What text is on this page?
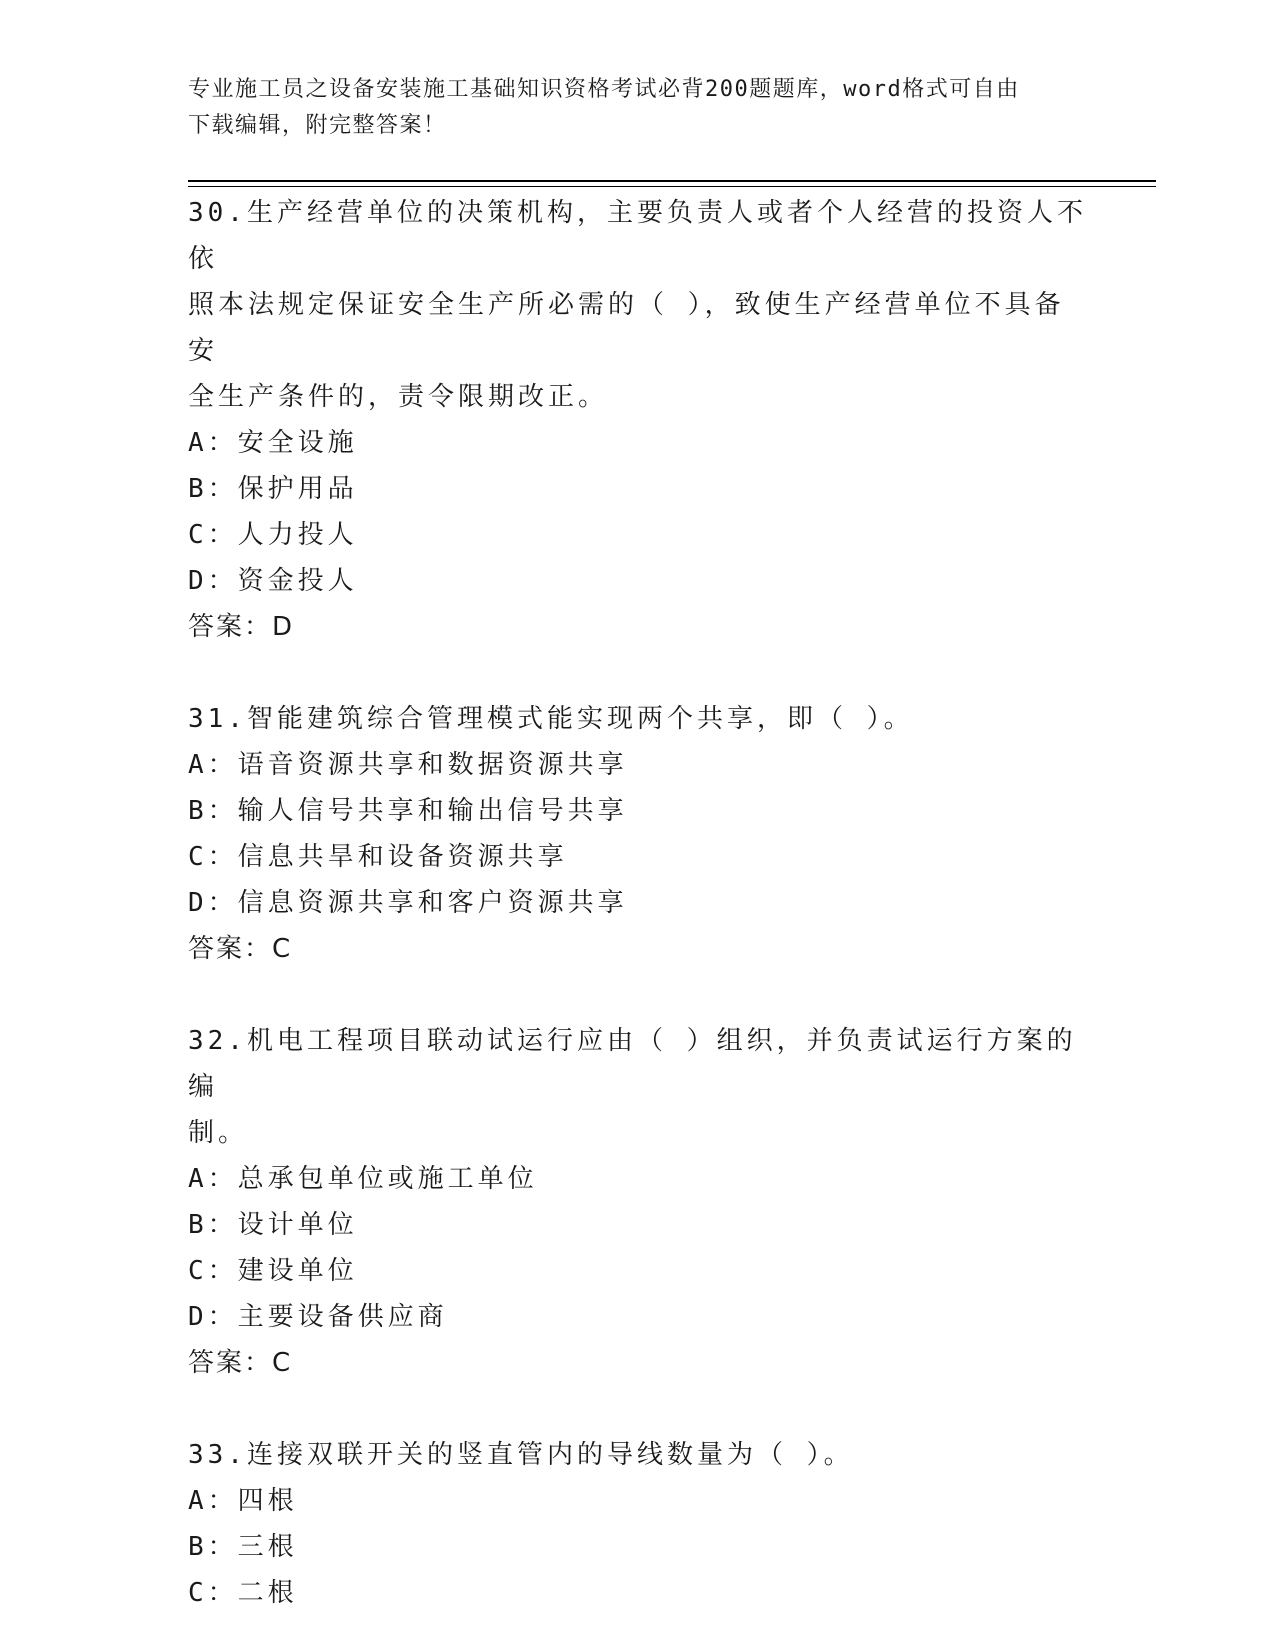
专业施工员之设备安装施工基础知识资格考试必背200题题库，word格式可自由
下载编辑，附完整答案！

30.生产经营单位的决策机构，主要负责人或者个人经营的投资人不依

照本法规定保证安全生产所必需的（ ），致使生产经营单位不具备安

全生产条件的，责令限期改正。

A：安全设施

B：保护用品

C：人力投人

D：资金投人

答案：D

31.智能建筑综合管理模式能实现两个共享，即（ ）。

A：语音资源共享和数据资源共享

B：输人信号共享和输出信号共享

C：信息共旱和设备资源共享

D：信息资源共享和客户资源共享

答案：C

32.机电工程项目联动试运行应由（ ）组织，并负责试运行方案的编

制。

A：总承包单位或施工单位

B：设计单位

C：建设单位

D：主要设备供应商

答案：C

33.连接双联开关的竖直管内的导线数量为（ ）。

A：四根

B：三根

C：二根
